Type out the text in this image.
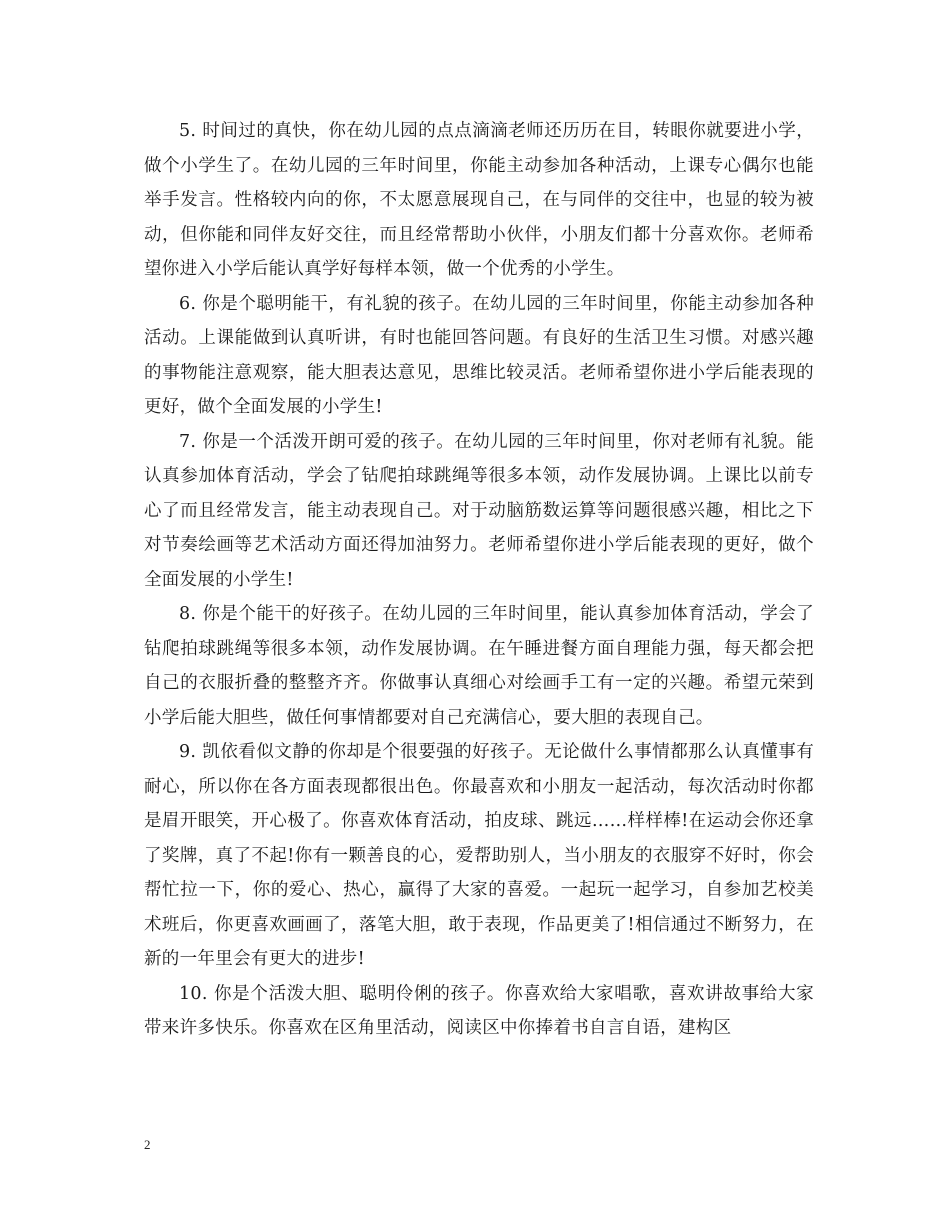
5. 时间过的真快，你在幼儿园的点点滴滴老师还历历在目，转眼你就要进小学，做个小学生了。在幼儿园的三年时间里，你能主动参加各种活动，上课专心偶尔也能举手发言。性格较内向的你，不太愿意展现自己，在与同伴的交往中，也显的较为被动，但你能和同伴友好交往，而且经常帮助小伙伴，小朋友们都十分喜欢你。老师希望你进入小学后能认真学好每样本领，做一个优秀的小学生。

6. 你是个聪明能干，有礼貌的孩子。在幼儿园的三年时间里，你能主动参加各种活动。上课能做到认真听讲，有时也能回答问题。有良好的生活卫生习惯。对感兴趣的事物能注意观察，能大胆表达意见，思维比较灵活。老师希望你进小学后能表现的更好，做个全面发展的小学生!

7. 你是一个活泼开朗可爱的孩子。在幼儿园的三年时间里，你对老师有礼貌。能认真参加体育活动，学会了钻爬拍球跳绳等很多本领，动作发展协调。上课比以前专心了而且经常发言，能主动表现自己。对于动脑筋数运算等问题很感兴趣，相比之下对节奏绘画等艺术活动方面还得加油努力。老师希望你进小学后能表现的更好，做个全面发展的小学生!

8. 你是个能干的好孩子。在幼儿园的三年时间里，能认真参加体育活动，学会了钻爬拍球跳绳等很多本领，动作发展协调。在午睡进餐方面自理能力强，每天都会把自己的衣服折叠的整整齐齐。你做事认真细心对绘画手工有一定的兴趣。希望元荣到小学后能大胆些，做任何事情都要对自己充满信心，要大胆的表现自己。

9. 凯依看似文静的你却是个很要强的好孩子。无论做什么事情都那么认真懂事有耐心，所以你在各方面表现都很出色。你最喜欢和小朋友一起活动，每次活动时你都是眉开眼笑，开心极了。你喜欢体育活动，拍皮球、跳远……样样棒!在运动会你还拿了奖牌，真了不起!你有一颗善良的心，爱帮助别人，当小朋友的衣服穿不好时，你会帮忙拉一下，你的爱心、热心，赢得了大家的喜爱。一起玩一起学习，自参加艺校美术班后，你更喜欢画画了，落笔大胆，敢于表现，作品更美了!相信通过不断努力，在新的一年里会有更大的进步!

10. 你是个活泼大胆、聪明伶俐的孩子。你喜欢给大家唱歌，喜欢讲故事给大家带来许多快乐。你喜欢在区角里活动，阅读区中你捧着书自言自语，建构区

2
